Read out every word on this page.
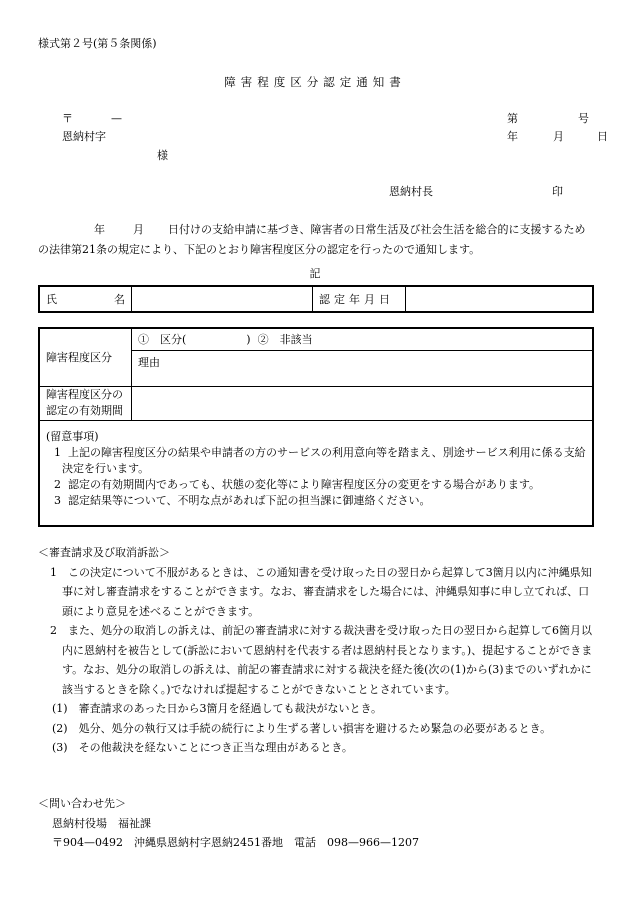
様式第２号(第５条関係)
障害程度区分認定通知書
〒	—
恩納村字
様
第	号
年	月	日
恩納村長	印
年	月 日付けの支給申請に基づき、障害者の日常生活及び社会生活を総合的に支援するための法律第21条の規定により、下記のとおり障害程度区分の認定を行ったので通知します。
記
氏	名		認定年月日	
障害程度区分	①　区分( ) ②　非該当
	理由

障害程度区分の
認定の有効期間	

(留意事項)
1 上記の障害程度区分の結果や申請者の方のサービスの利用意向等を踏まえ、別途サービス利用に係る支給決定を行います。
2 認定の有効期間内であっても、状態の変化等により障害程度区分の変更をする場合があります。
3 認定結果等について、不明な点があれば下記の担当課に御連絡ください。	
＜審査請求及び取消訴訟＞
1　この決定について不服があるときは、この通知書を受け取った日の翌日から起算して3箇月以内に沖縄県知事に対し審査請求をすることができます。なお、審査請求をした場合には、沖縄県知事に申し立てれば、口頭により意見を述べることができます。
2　また、処分の取消しの訴えは、前記の審査請求に対する裁決書を受け取った日の翌日から起算して6箇月以内に恩納村を被告として(訴訟において恩納村を代表する者は恩納村長となります。)、提起することができます。なお、処分の取消しの訴えは、前記の審査請求に対する裁決を経た後(次の(1)から(3)までのいずれかに該当するときを除く。)でなければ提起することができないこととされています。
(1)　審査請求のあった日から3箇月を経過しても裁決がないとき。
(2)　処分、処分の執行又は手続の続行により生ずる著しい損害を避けるため緊急の必要があるとき。
(3)　その他裁決を経ないことにつき正当な理由があるとき。
＜問い合わせ先＞
恩納村役場　福祉課
〒904—0492　沖縄県恩納村字恩納2451番地　電話　098—966—1207
